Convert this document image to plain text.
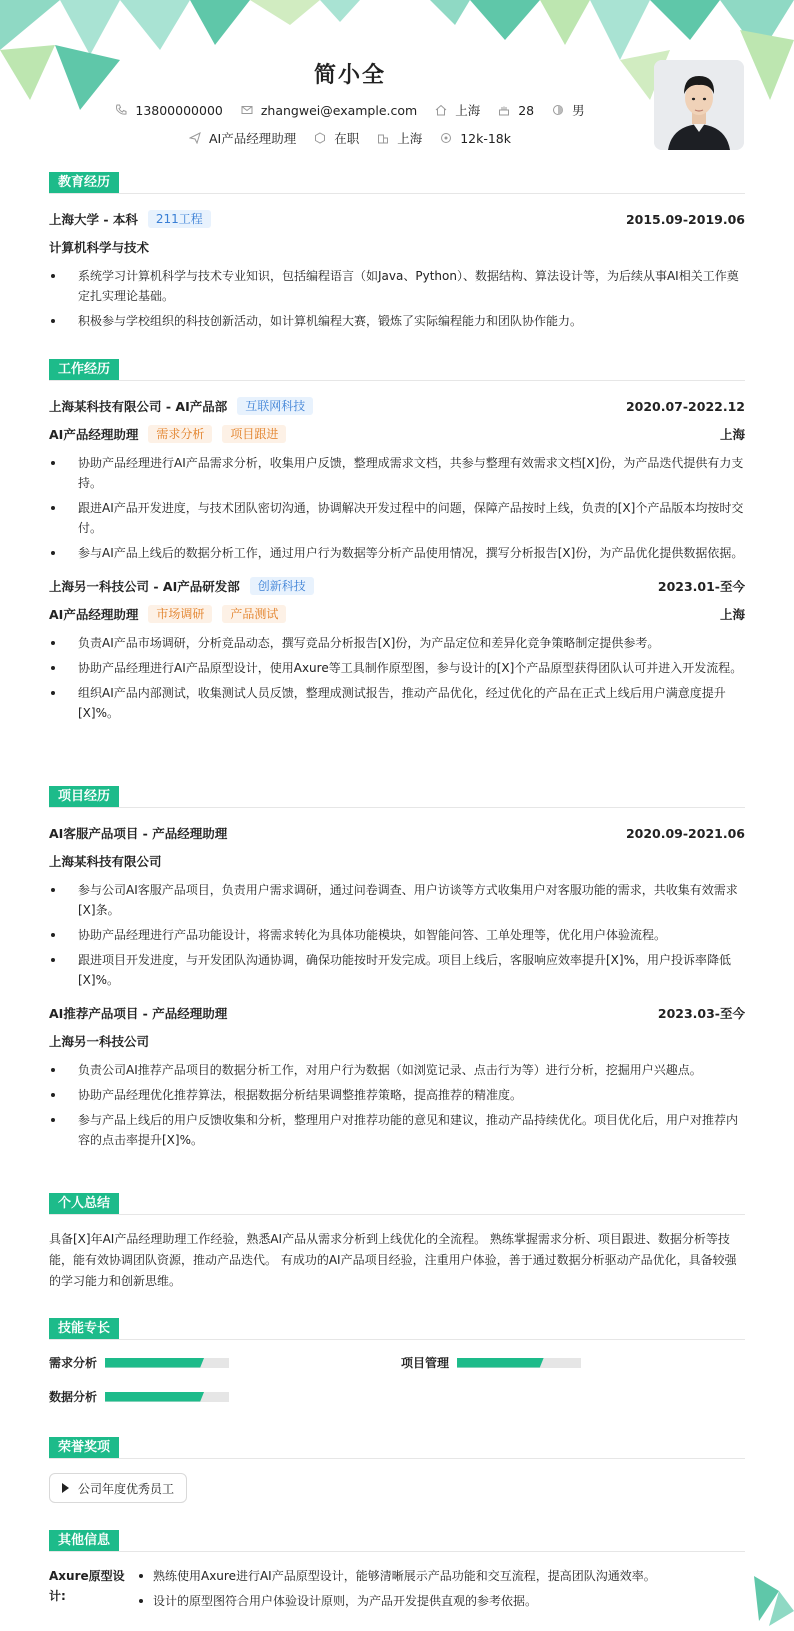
简小全
13800000000	zhangwei@example.com	上海	28	男
AI产品经理助理	在职	上海	12k-18k
教育经历
上海大学 - 本科	211工程	2015.09-2019.06
计算机科学与技术
系统学习计算机科学与技术专业知识，包括编程语言（如Java、Python）、数据结构、算法设计等，为后续从事AI相关工作奠定扎实理论基础。
积极参与学校组织的科技创新活动，如计算机编程大赛，锻炼了实际编程能力和团队协作能力。
工作经历
上海某科技有限公司 - AI产品部	互联网科技	2020.07-2022.12
AI产品经理助理	需求分析	项目跟进	上海
协助产品经理进行AI产品需求分析，收集用户反馈，整理成需求文档，共参与整理有效需求文档[X]份，为产品迭代提供有力支持。
跟进AI产品开发进度，与技术团队密切沟通，协调解决开发过程中的问题，保障产品按时上线，负责的[X]个产品版本均按时交付。
参与AI产品上线后的数据分析工作，通过用户行为数据等分析产品使用情况，撰写分析报告[X]份，为产品优化提供数据依据。
上海另一科技公司 - AI产品研发部	创新科技	2023.01-至今
AI产品经理助理	市场调研	产品测试	上海
负责AI产品市场调研，分析竞品动态，撰写竞品分析报告[X]份，为产品定位和差异化竞争策略制定提供参考。
协助产品经理进行AI产品原型设计，使用Axure等工具制作原型图，参与设计的[X]个产品原型获得团队认可并进入开发流程。
组织AI产品内部测试，收集测试人员反馈，整理成测试报告，推动产品优化，经过优化的产品在正式上线后用户满意度提升[X]%。
项目经历
AI客服产品项目 - 产品经理助理	2020.09-2021.06
上海某科技有限公司
参与公司AI客服产品项目，负责用户需求调研，通过问卷调查、用户访谈等方式收集用户对客服功能的需求，共收集有效需求[X]条。
协助产品经理进行产品功能设计，将需求转化为具体功能模块，如智能问答、工单处理等，优化用户体验流程。
跟进项目开发进度，与开发团队沟通协调，确保功能按时开发完成。项目上线后，客服响应效率提升[X]%，用户投诉率降低[X]%。
AI推荐产品项目 - 产品经理助理	2023.03-至今
上海另一科技公司
负责公司AI推荐产品项目的数据分析工作，对用户行为数据（如浏览记录、点击行为等）进行分析，挖掘用户兴趣点。
协助产品经理优化推荐算法，根据数据分析结果调整推荐策略，提高推荐的精准度。
参与产品上线后的用户反馈收集和分析，整理用户对推荐功能的意见和建议，推动产品持续优化。项目优化后，用户对推荐内容的点击率提升[X]%。
个人总结

具备[X]年AI产品经理助理工作经验，熟悉AI产品从需求分析到上线优化的全流程。 熟练掌握需求分析、项目跟进、数据分析等技能，能有效协调团队资源，推动产品迭代。 有成功的AI产品项目经验，注重用户体验，善于通过数据分析驱动产品优化，具备较强的学习能力和创新思维。

技能专长
需求分析	项目管理
数据分析
荣誉奖项
公司年度优秀员工
其他信息
Axure原型设计:
熟练使用Axure进行AI产品原型设计，能够清晰展示产品功能和交互流程，提高团队沟通效率。
设计的原型图符合用户体验设计原则，为产品开发提供直观的参考依据。
